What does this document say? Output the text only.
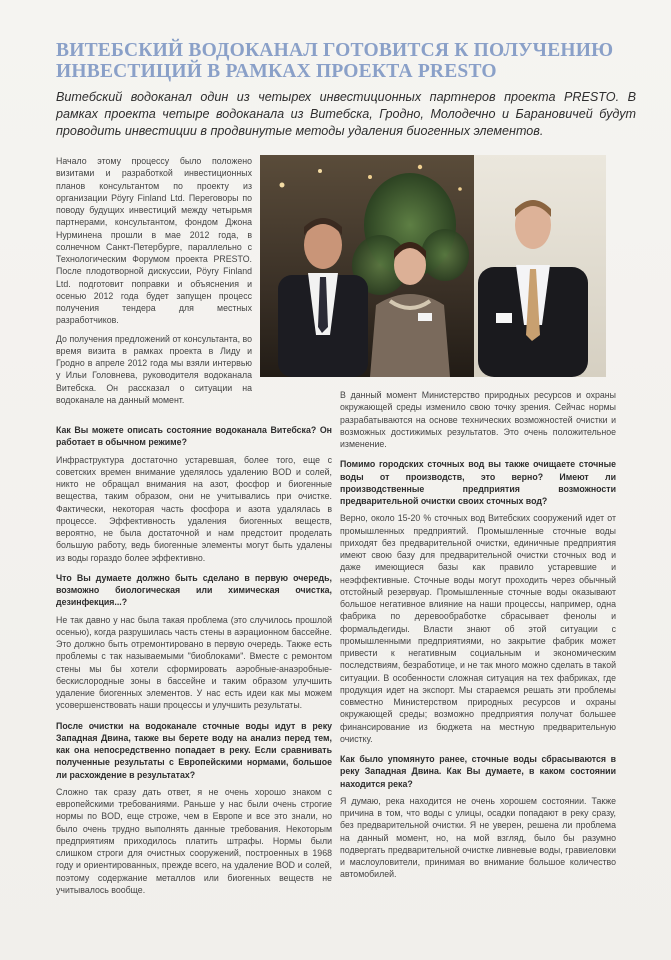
ВИТЕБСКИЙ ВОДОКАНАЛ ГОТОВИТСЯ К ПОЛУЧЕНИЮ ИНВЕСТИЦИЙ В РАМКАХ ПРОЕКТА PRESTO

Витебский водоканал один из четырех инвестиционных партнеров проекта PRESTO. В рамках проекта четыре водоканала из Витебска, Гродно, Молодечно и Барановичей будут проводить инвестиции в продвинутые методы удаления биогенных элементов.

Начало этому процессу было положено визитами и разработкой инвестиционных планов консультантом по проекту из организации Pöyry Finland Ltd. Переговоры по поводу будущих инвестиций между четырьмя партнерами, консультантом, фондом Джона Нурминена прошли в мае 2012 года, в солнечном Санкт-Петербурге, параллельно с Технологическим Форумом проекта PRESTO. После плодотворной дискуссии, Pöyry Finland Ltd. подготовит поправки и объяснения и осенью 2012 года будет запущен процесс получения тендера для местных разработчиков.

До получения предложений от консультанта, во время визита в рамках проекта в Лиду и Гродно в апреле 2012 года мы взяли интервью у Ильи Головнева, руководителя водоканала Витебска. Он рассказал о ситуации на водоканале на данный момент.

Как Вы можете описать состояние водоканала Витебска? Он работает в обычном режиме?

Инфраструктура достаточно устаревшая, более того, еще с советских времен внимание уделялось удалению BOD и солей, никто не обращал внимания на азот, фосфор и биогенные вещества, таким образом, они не учитывались при очистке. Фактически, некоторая часть фосфора и азота удалялась в процессе. Эффективность удаления биогенных веществ, вероятно, не была достаточной и нам предстоит проделать большую работу, ведь биогенные элементы могут быть удалены из воды гораздо более эффективно.

Что Вы думаете должно быть сделано в первую очередь, возможно биологическая или химическая очистка, дезинфекция...?

Не так давно у нас была такая проблема (это случилось прошлой осенью), когда разрушилась часть стены в аэрационном бассейне. Это должно быть отремонтировано в первую очередь. Также есть проблемы с так называемыми "биоблоками". Вместе с ремонтом стены мы бы хотели сформировать аэробные-анаэробные-бескислородные зоны в бассейне и таким образом улучшить удаление биогенных элементов. У нас есть идеи как мы можем усовершенствовать наши процессы и улучшить результаты.

После очистки на водоканале сточные воды идут в реку Западная Двина, также вы берете воду на анализ перед тем, как она непосредственно попадает в реку. Если сравнивать полученные результаты с Европейскими нормами, большое ли расхождение в результатах?

Сложно так сразу дать ответ, я не очень хорошо знаком с европейскими требованиями. Раньше у нас были очень строгие нормы по BOD, еще строже, чем в Европе и все это знали, но было очень трудно выполнять данные требования. Некоторым предприятиям приходилось платить штрафы. Нормы были слишком строги для очистных сооружений, построенных в 1968 году и ориентированных, прежде всего, на удаление BOD и солей, поэтому содержание металлов или биогенных веществ не учитывалось вообще.

В данный момент Министерство природных ресурсов и охраны окружающей среды изменило свою точку зрения. Сейчас нормы разрабатываются на основе технических возможностей очистки и возможных достижимых результатов. Это очень положительное изменение.

Помимо городских сточных вод вы также очищаете сточные воды от производств, это верно? Имеют ли производственные предприятия возможности предварительной очистки своих сточных вод?

Верно, около 15-20 % сточных вод Витебских сооружений идет от промышленных предприятий. Промышленные сточные воды приходят без предварительной очистки, единичные предприятия имеют свою базу для предварительной очистки сточных вод и даже имеющиеся базы как правило устаревшие и неэффективные. Сточные воды могут проходить через обычный отстойный резервуар. Промышленные сточные воды оказывают большое негативное влияние на наши процессы, например, одна фабрика по деревообработке сбрасывает фенолы и формальдегиды. Власти знают об этой ситуации с промышленными предприятиями, но закрытие фабрик может привести к негативным социальным и экономическим последствиям, безработице, и не так много можно сделать в такой ситуации. В особенности сложная ситуация на тех фабриках, где продукция идет на экспорт. Мы стараемся решать эти проблемы совместно Министерством природных ресурсов и охраны окружающей среды; возможно предприятия получат большее финансирование из бюджета на местную предварительную очистку.

Как было упомянуто ранее, сточные воды сбрасываются в реку Западная Двина. Как Вы думаете, в каком состоянии находится река?

Я думаю, река находится не очень хорошем состоянии. Также причина в том, что воды с улицы, осадки попадают в реку сразу, без предварительной очистки. Я не уверен, решена ли проблема на данный момент, но, на мой взгляд, было бы разумно подвергать предварительной очистке ливневые воды, гравиеловки и маслоуловители, принимая во внимание большое количество автомобилей.
